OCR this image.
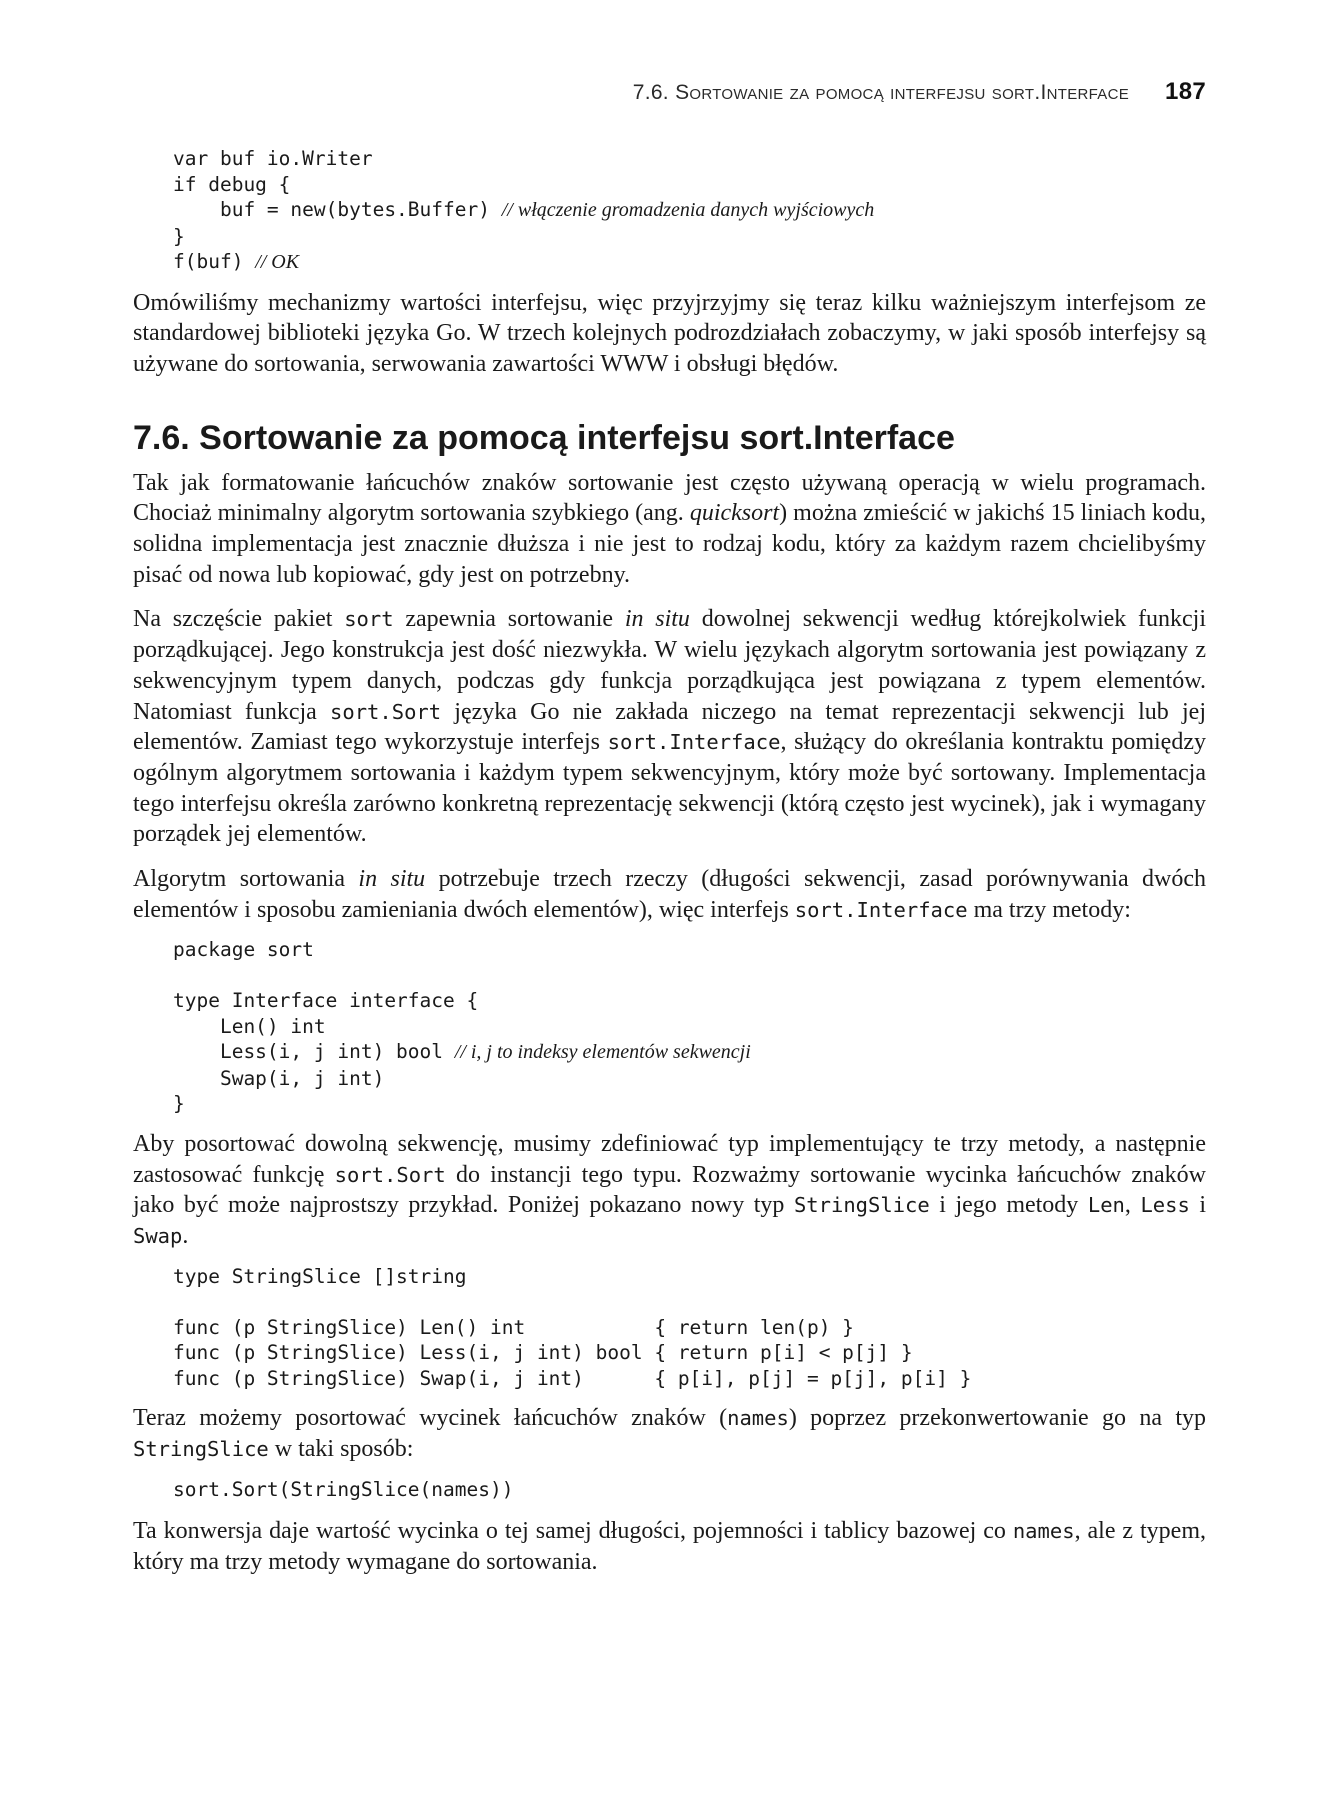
7.6. Sortowanie za pomocą interfejsu sort.Interface 187
var buf io.Writer
if debug {
buf = new(bytes.Buffer) // włączenie gromadzenia danych wyjściowych
}
f(buf) // OK

Omówiliśmy mechanizmy wartości interfejsu, więc przyjrzyjmy się teraz kilku ważniejszym interfejsom ze standardowej biblioteki języka Go. W trzech kolejnych podrozdziałach zobaczymy, w jaki sposób interfejsy są używane do sortowania, serwowania zawartości WWW i obsługi błędów.

7.6. Sortowanie za pomocą interfejsu sort.Interface

Tak jak formatowanie łańcuchów znaków sortowanie jest często używaną operacją w wielu programach. Chociaż minimalny algorytm sortowania szybkiego (ang. quicksort) można zmieścić w jakichś 15 liniach kodu, solidna implementacja jest znacznie dłuższa i nie jest to rodzaj kodu, który za każdym razem chcielibyśmy pisać od nowa lub kopiować, gdy jest on potrzebny.

Na szczęście pakiet sort zapewnia sortowanie in situ dowolnej sekwencji według którejkolwiek funkcji porządkującej. Jego konstrukcja jest dość niezwykła. W wielu językach algorytm sortowania jest powiązany z sekwencyjnym typem danych, podczas gdy funkcja porządkująca jest powiązana z typem elementów. Natomiast funkcja sort.Sort języka Go nie zakłada niczego na temat reprezentacji sekwencji lub jej elementów. Zamiast tego wykorzystuje interfejs sort.Interface, służący do określania kontraktu pomiędzy ogólnym algorytmem sortowania i każdym typem sekwencyjnym, który może być sortowany. Implementacja tego interfejsu określa zarówno konkretną reprezentację sekwencji (którą często jest wycinek), jak i wymagany porządek jej elementów.

Algorytm sortowania in situ potrzebuje trzech rzeczy (długości sekwencji, zasad porównywania dwóch elementów i sposobu zamieniania dwóch elementów), więc interfejs sort.Interface ma trzy metody:

package sort

type Interface interface {
Len() int
Less(i, j int) bool // i, j to indeksy elementów sekwencji
Swap(i, j int)
}

Aby posortować dowolną sekwencję, musimy zdefiniować typ implementujący te trzy metody, a następnie zastosować funkcję sort.Sort do instancji tego typu. Rozważmy sortowanie wycinka łańcuchów znaków jako być może najprostszy przykład. Poniżej pokazano nowy typ StringSlice i jego metody Len, Less i Swap.

type StringSlice []string

func (p StringSlice) Len() int           { return len(p) }
func (p StringSlice) Less(i, j int) bool { return p[i] < p[j] }
func (p StringSlice) Swap(i, j int)      { p[i], p[j] = p[j], p[i] }

Teraz możemy posortować wycinek łańcuchów znaków (names) poprzez przekonwertowanie go na typ StringSlice w taki sposób:

sort.Sort(StringSlice(names))

Ta konwersja daje wartość wycinka o tej samej długości, pojemności i tablicy bazowej co names, ale z typem, który ma trzy metody wymagane do sortowania.
